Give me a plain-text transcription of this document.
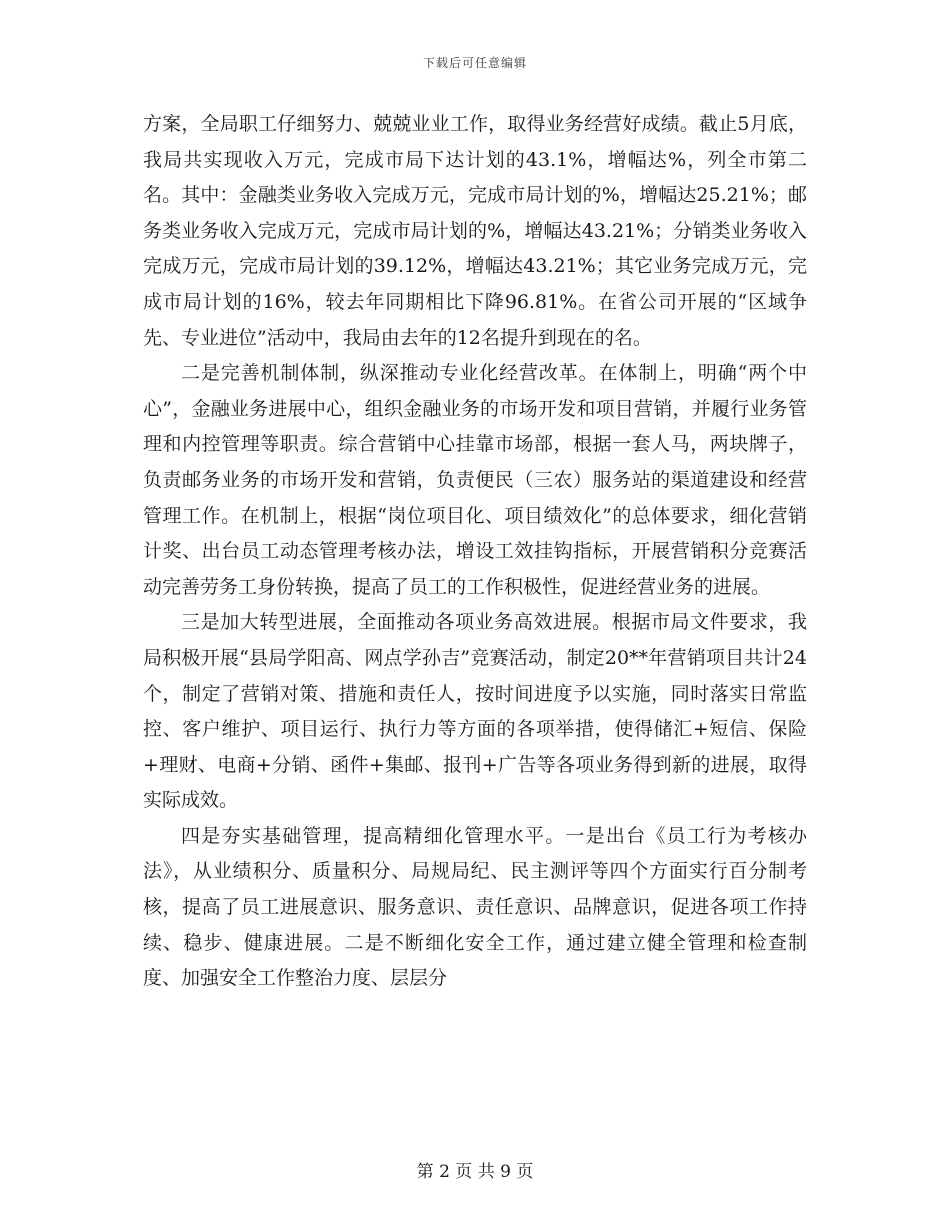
下载后可任意编辑

方案，全局职工仔细努力、兢兢业业工作，取得业务经营好成绩。截止5月底，我局共实现收入万元，完成市局下达计划的43.1%，增幅达%，列全市第二名。其中：金融类业务收入完成万元，完成市局计划的%，增幅达25.21%；邮务类业务收入完成万元，完成市局计划的%，增幅达43.21%；分销类业务收入完成万元，完成市局计划的39.12%，增幅达43.21%；其它业务完成万元，完成市局计划的16%，较去年同期相比下降96.81%。在省公司开展的“区域争先、专业进位”活动中，我局由去年的12名提升到现在的名。

二是完善机制体制，纵深推动专业化经营改革。在体制上，明确“两个中心”，金融业务进展中心，组织金融业务的市场开发和项目营销，并履行业务管理和内控管理等职责。综合营销中心挂靠市场部，根据一套人马，两块牌子，负责邮务业务的市场开发和营销，负责便民（三农）服务站的渠道建设和经营管理工作。在机制上，根据“岗位项目化、项目绩效化”的总体要求，细化营销计奖、出台员工动态管理考核办法，增设工效挂钩指标，开展营销积分竞赛活动完善劳务工身份转换，提高了员工的工作积极性，促进经营业务的进展。

三是加大转型进展，全面推动各项业务高效进展。根据市局文件要求，我局积极开展“县局学阳高、网点学孙吉”竞赛活动，制定20**年营销项目共计24个，制定了营销对策、措施和责任人，按时间进度予以实施，同时落实日常监控、客户维护、项目运行、执行力等方面的各项举措，使得储汇+短信、保险+理财、电商+分销、函件+集邮、报刊+广告等各项业务得到新的进展，取得实际成效。

四是夯实基础管理，提高精细化管理水平。一是出台《员工行为考核办法》，从业绩积分、质量积分、局规局纪、民主测评等四个方面实行百分制考核，提高了员工进展意识、服务意识、责任意识、品牌意识，促进各项工作持续、稳步、健康进展。二是不断细化安全工作，通过建立健全管理和检查制度、加强安全工作整治力度、层层分

第 2 页 共 9 页
